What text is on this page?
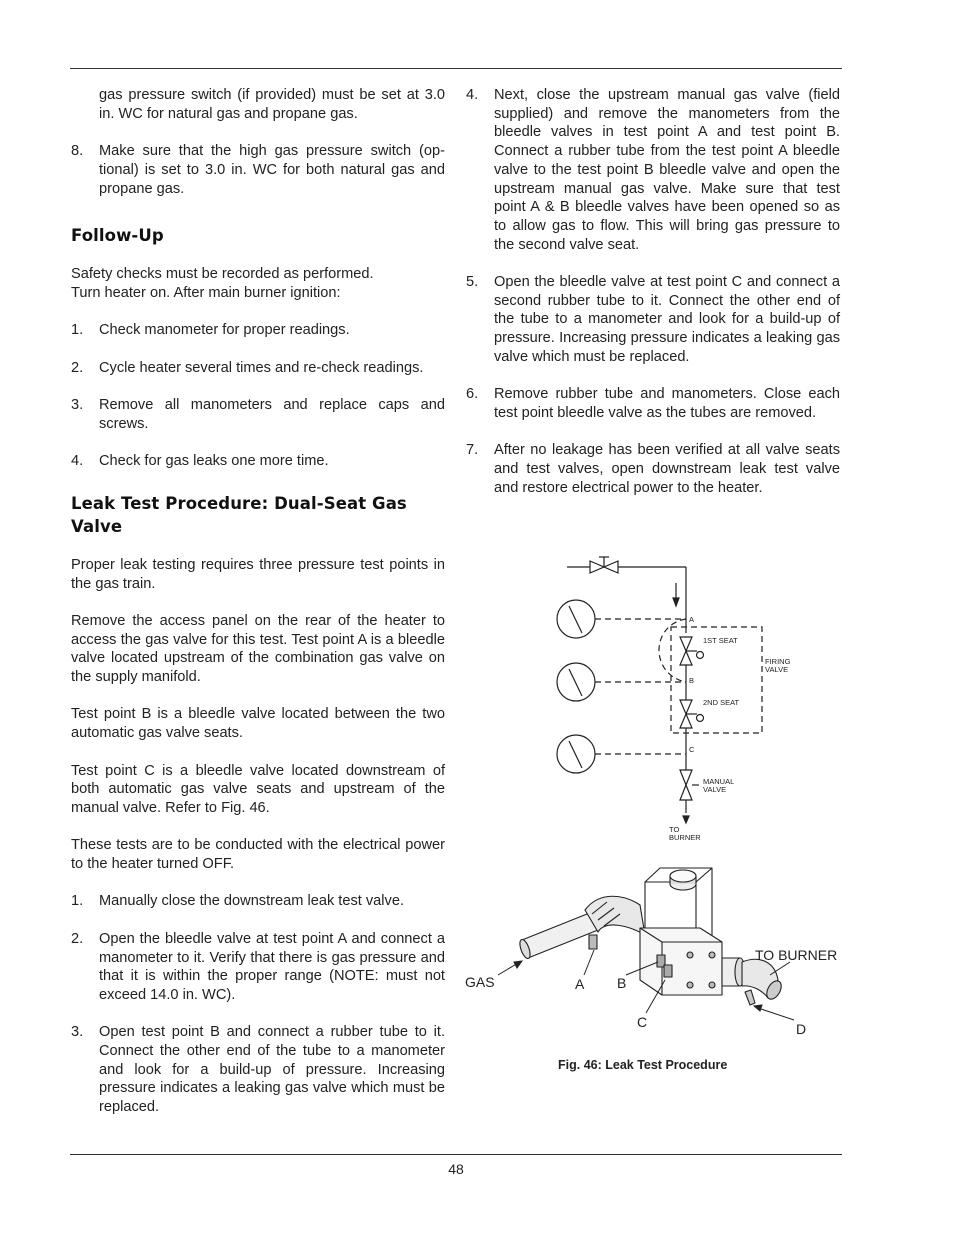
gas pressure switch (if provided) must be set at 3.0 in. WC for natural gas and propane gas.

8. Make sure that the high gas pressure switch (optional) is set to 3.0 in. WC for both natural gas and propane gas.

Follow-Up

Safety checks must be recorded as performed.

Turn heater on. After main burner ignition:

1. Check manometer for proper readings.

2. Cycle heater several times and re-check readings.

3. Remove all manometers and replace caps and screws.

4. Check for gas leaks one more time.

Leak Test Procedure: Dual-Seat Gas Valve

Proper leak testing requires three pressure test points in the gas train.

Remove the access panel on the rear of the heater to access the gas valve for this test. Test point A is a bleedle valve located upstream of the combination gas valve on the supply manifold.

Test point B is a bleedle valve located between the two automatic gas valve seats.

Test point C is a bleedle valve located downstream of both automatic gas valve seats and upstream of the manual valve. Refer to Fig. 46.

These tests are to be conducted with the electrical power to the heater turned OFF.

1. Manually close the downstream leak test valve.

2. Open the bleedle valve at test point A and connect a manometer to it. Verify that there is gas pressure and that it is within the proper range (NOTE: must not exceed 14.0 in. WC).

3. Open test point B and connect a rubber tube to it. Connect the other end of the tube to a manometer and look for a build-up of pressure. Increasing pressure indicates a leaking gas valve which must be replaced.

4. Next, close the upstream manual gas valve (field supplied) and remove the manometers from the bleedle valves in test point A and test point B. Connect a rubber tube from the test point A bleedle valve to the test point B bleedle valve and open the upstream manual gas valve. Make sure that test point A & B bleedle valves have been opened so as to allow gas to flow. This will bring gas pressure to the second valve seat.

5. Open the bleedle valve at test point C and connect a second rubber tube to it. Connect the other end of the tube to a manometer and look for a build-up of pressure. Increasing pressure indicates a leaking gas valve which must be replaced.

6. Remove rubber tube and manometers. Close each test point bleedle valve as the tubes are removed.

7. After no leakage has been verified at all valve seats and test valves, open downstream leak test valve and restore electrical power to the heater.

A
B
C
1ST SEAT
2ND SEAT
FIRING
VALVE
MANUAL
VALVE
TO
BURNER
GAS	A B
C	D
TO BURNER
Fig. 46: Leak Test Procedure
48
